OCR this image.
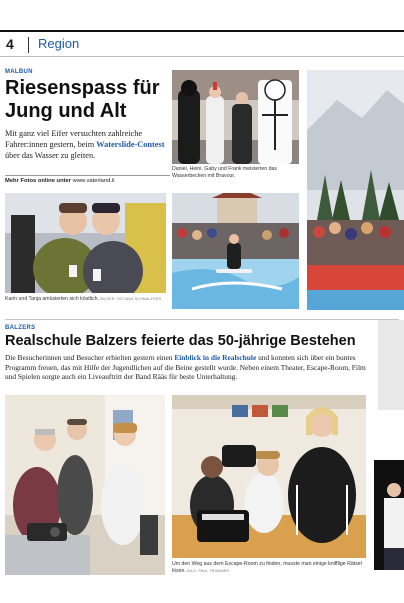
4 Region
MALBUN
Riesenspass für Jung und Alt

Mit ganz viel Eifer versuchten zahlreiche Fahrer:innen gestern, beim Waterslide-Contest über das Wasser zu gleiten.

Mehr Fotos online unter www.vaterland.li
Daniel, Heini, Gaby und Frank meisterten das Wasserbecken mit Bravour.
Karin und Tanja amüsierten sich köstlich. BILDER: TATJANA SCHNALZGER
BALZERS
Realschule Balzers feierte das 50-jährige Bestehen

Die Besucherinnen und Besucher erhielten gestern einen Einblick in die Realschule und konnten sich über ein buntes Programm freuen, das mit Hilfe der Jugendlichen auf die Beine gestellt wurde. Neben einem Theater, Escape-Room, Film und Spielen sorgte auch ein Liveauftritt der Band Rääs für beste Unterhaltung.

Um den Weg aus dem Escape-Room zu finden, musste man einige knifflige Rätsel lösen. BILD: PAUL TRUMMER
